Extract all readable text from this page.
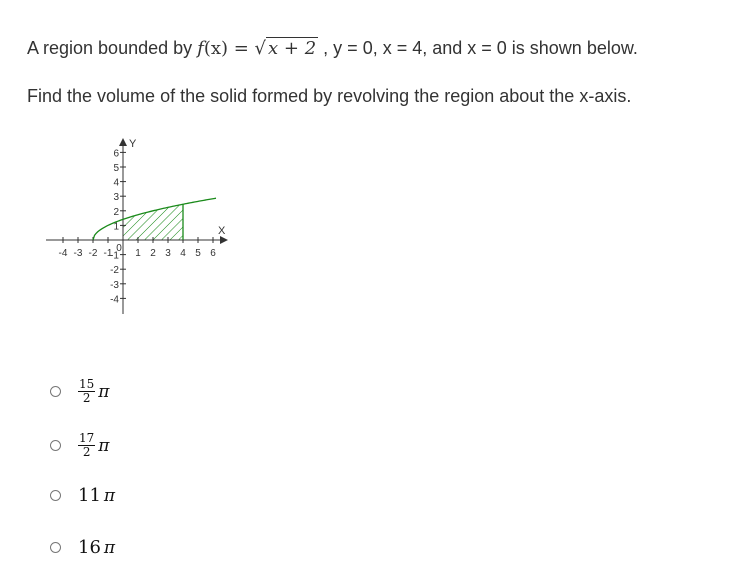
A region bounded by f(x) = √ x + 2 , y = 0, x = 4, and x = 0 is shown below.
Find the volume of the solid formed by revolving the region about the x-axis.
X
Y
-4 -3 -2 -1 1 2 3 4 5 6
0
1
2
3
4
5
6
-1
-2
-3
-4
$\frac{15}{2}$ π
$\frac{17}{2}$ π
11 π
16 π
